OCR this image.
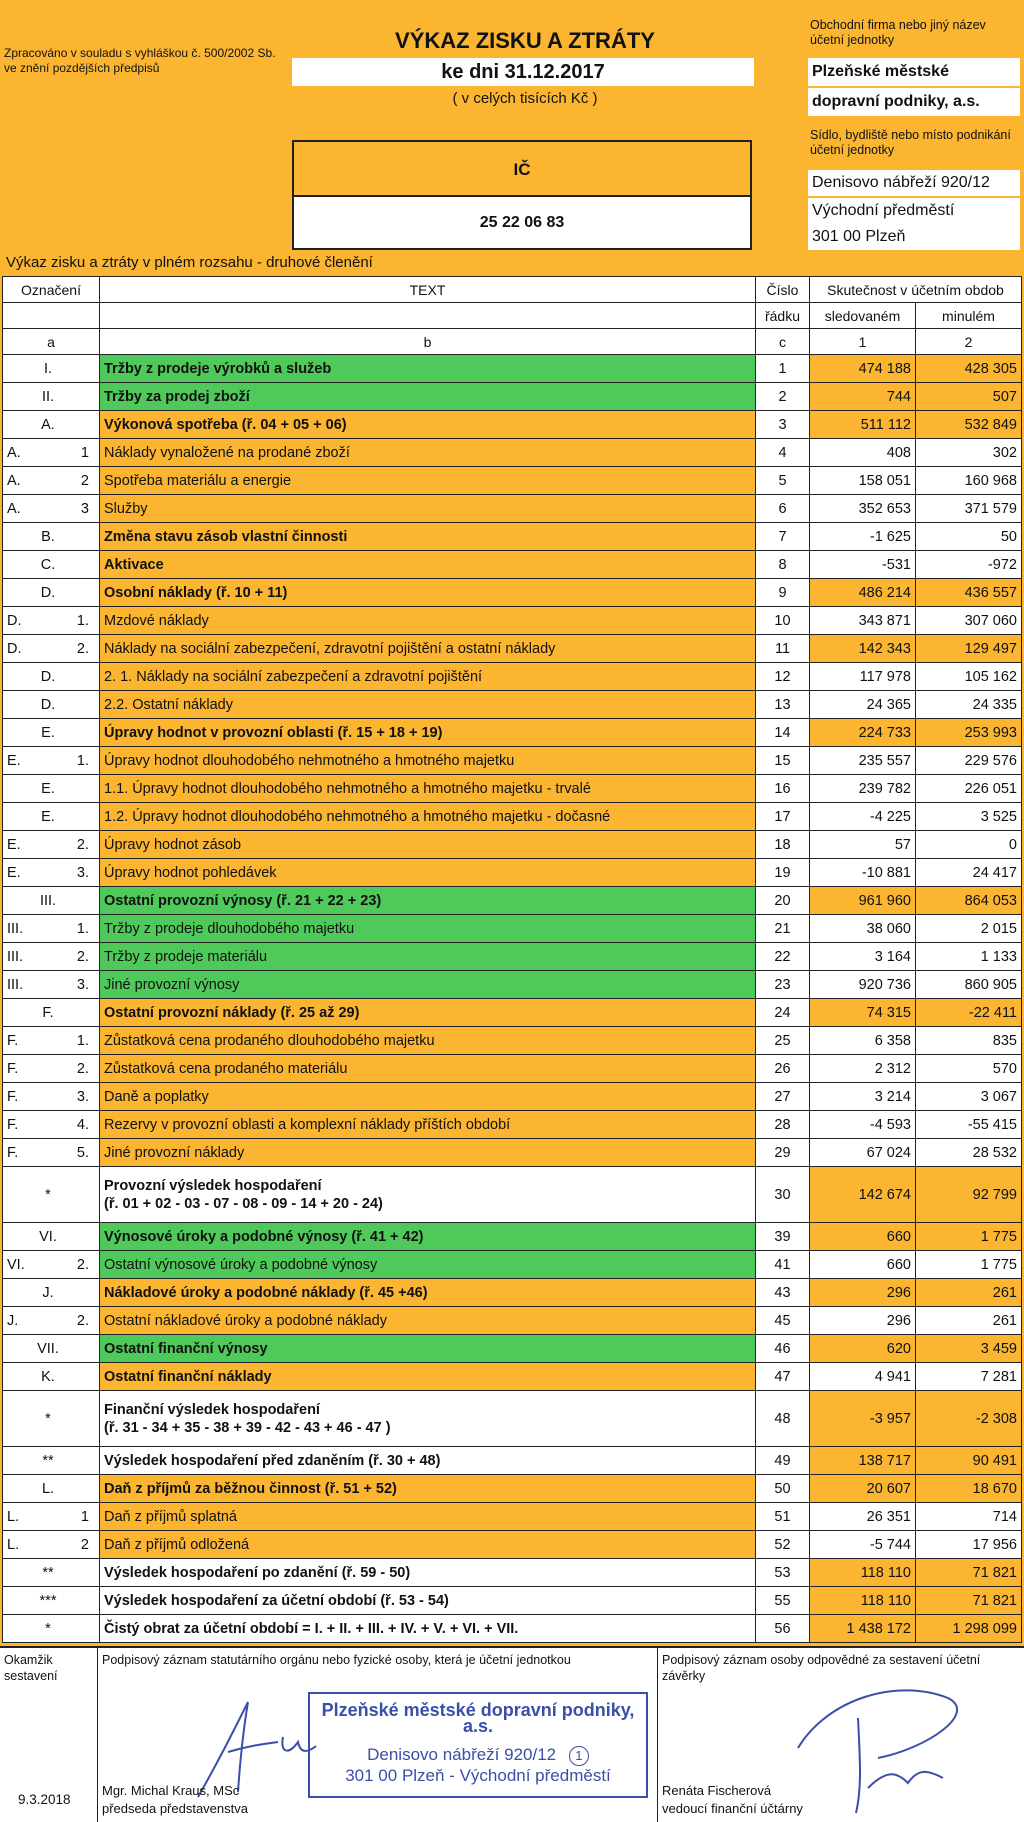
Zpracováno v souladu s vyhláškou č. 500/2002 Sb. ve znění pozdějších předpisů
VÝKAZ ZISKU A ZTRÁTY
ke dni 31.12.2017
( v celých tisících Kč )
IČ
25 22 06 83
Obchodní firma nebo jiný název účetní jednotky
Plzeňské městské
dopravní podniky, a.s.
Sídlo, bydliště nebo místo podnikání účetní jednotky
Denisovo nábřeží 920/12
Východní předměstí
301 00 Plzeň
Výkaz zisku a ztráty v plném rozsahu - druhové členění
Označení	TEXT	Číslo	Skutečnost v účetním obdob	
		řádku	sledovaném	minulém
a	b	c	1	2

I.	Tržby z prodeje výrobků a služeb	1	474 188	428 305

II.	Tržby za prodej zboží	2	744	507

A.	Výkonová spotřeba (ř. 04 + 05 + 06)	3	511 112	532 849

A. 1	Náklady vynaložené na prodané zboží	4	408	302

A. 2	Spotřeba materiálu a energie	5	158 051	160 968

A. 3	Služby	6	352 653	371 579

B.	Změna stavu zásob vlastní činnosti	7	-1 625	50

C.	Aktivace	8	-531	-972

D.	Osobní náklady (ř. 10 + 11)	9	486 214	436 557

D. 1.	Mzdové náklady	10	343 871	307 060

D. 2.	Náklady na sociální zabezpečení, zdravotní pojištění a ostatní náklady	11	142 343	129 497

D.	2. 1. Náklady na sociální zabezpečení a zdravotní pojištění	12	117 978	105 162

D.	2.2. Ostatní náklady	13	24 365	24 335

E.	Úpravy hodnot v provozní oblasti (ř. 15 + 18 + 19)	14	224 733	253 993

E. 1.	Úpravy hodnot dlouhodobého nehmotného a hmotného majetku	15	235 557	229 576

E.	1.1. Úpravy hodnot dlouhodobého nehmotného a hmotného majetku - trvalé	16	239 782	226 051

E.	1.2. Úpravy hodnot dlouhodobého nehmotného a hmotného majetku - dočasné	17	-4 225	3 525

E. 2.	Úpravy hodnot zásob	18	57	0

E. 3.	Úpravy hodnot pohledávek	19	-10 881	24 417

III.	Ostatní provozní výnosy (ř. 21 + 22 + 23)	20	961 960	864 053

III. 1.	Tržby z prodeje dlouhodobého majetku	21	38 060	2 015

III. 2.	Tržby z prodeje materiálu	22	3 164	1 133

III. 3.	Jiné provozní výnosy	23	920 736	860 905

F.	Ostatní provozní náklady (ř. 25 až 29)	24	74 315	-22 411

F. 1.	Zůstatková cena prodaného dlouhodobého majetku	25	6 358	835

F. 2.	Zůstatková cena prodaného materiálu	26	2 312	570

F. 3.	Daně a poplatky	27	3 214	3 067

F. 4.	Rezervy v provozní oblasti a komplexní náklady příštích období	28	-4 593	-55 415

F. 5.	Jiné provozní náklady	29	67 024	28 532

*	Provozní výsledek hospodaření
(ř. 01 + 02 - 03 - 07 - 08 - 09 - 14 + 20 - 24)	30	142 674	92 799

VI.	Výnosové úroky a podobné výnosy (ř. 41 + 42)	39	660	1 775

VI. 2.	Ostatní výnosové úroky a podobné výnosy	41	660	1 775

J.	Nákladové úroky a podobné náklady (ř. 45 +46)	43	296	261

J. 2.	Ostatní nákladové úroky a podobné náklady	45	296	261

VII.	Ostatní finanční výnosy	46	620	3 459

K.	Ostatní finanční náklady	47	4 941	7 281

*	Finanční výsledek hospodaření
(ř. 31 - 34 + 35 - 38 + 39 - 42 - 43 + 46 - 47 )	48	-3 957	-2 308

**	Výsledek hospodaření před zdaněním (ř. 30 + 48)	49	138 717	90 491

L.	Daň z příjmů za běžnou činnost (ř. 51 + 52)	50	20 607	18 670

L. 1	Daň z příjmů splatná	51	26 351	714

L. 2	Daň z příjmů odložená	52	-5 744	17 956

**	Výsledek hospodaření po zdanění (ř. 59 - 50)	53	118 110	71 821

***	Výsledek hospodaření za účetní období (ř. 53 - 54)	55	118 110	71 821

*	Čistý obrat za účetní období = I. + II. + III. + IV. + V. + VI. + VII.	56	1 438 172	1 298 099
Okamžik sestavení
9.3.2018
Podpisový záznam statutárního orgánu nebo fyzické osoby, která je účetní jednotkou
Plzeňské městské dopravní podniky, a.s.
Denisovo nábřeží 920/12 1
301 00 Plzeň - Východní předměstí
Mgr. Michal Kraus, MSc
předseda představenstva
Podpisový záznam osoby odpovědné za sestavení účetní závěrky
Renáta Fischerová
vedoucí finanční účtárny
